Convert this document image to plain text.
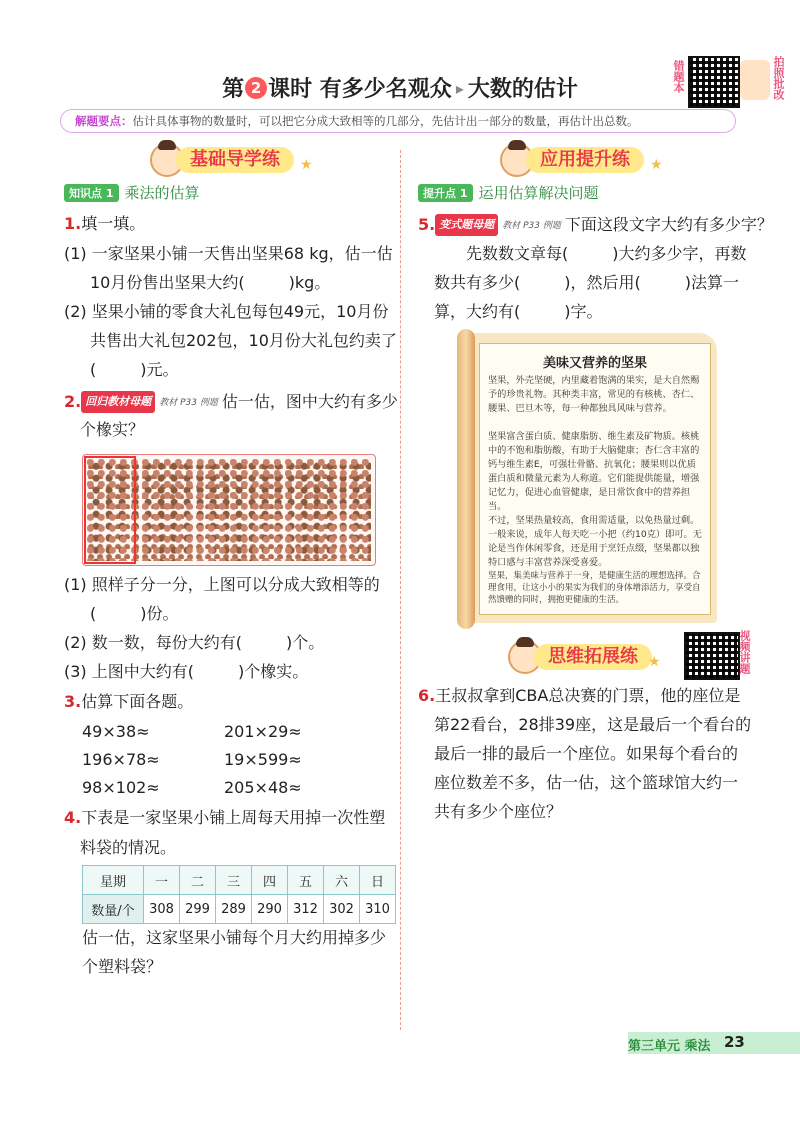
第 2 课时 有多少名观众 ▸ 大数的估计	错题本	拍照批改
解题要点：估计具体事物的数量时，可以把它分成大致相等的几部分，先估计出一部分的数量，再估计出总数。
基础导学练	★
知识点 1 乘法的估算
1.填一填。
(1) 一家坚果小铺一天售出坚果68 kg，估一估
10月份售出坚果大约(	)kg。
(2) 坚果小铺的零食大礼包每包49元，10月份
共售出大礼包202包，10月份大礼包约卖了
(	)元。
2. 回归教材母题 教材 P33 例题 估一估，图中大约有多少
个橡实？
(1) 照样子分一分，上图可以分成大致相等的
(	)份。
(2) 数一数，每份大约有(	)个。
(3) 上图中大约有(	)个橡实。
3.估算下面各题。
49×38≈	201×29≈
196×78≈	19×599≈
98×102≈	205×48≈
4.下表是一家坚果小铺上周每天用掉一次性塑
料袋的情况。
星期	一	二	三	四	五	六	日
数量/个	308	299	289	290	312	302	310
估一估，这家坚果小铺每个月大约用掉多少
个塑料袋？
应用提升练	★
提升点 1 运用估算解决问题
5. 变式题母题 教材 P33 例题 下面这段文字大约有多少字？
先数数文章每(	)大约多少字，再数
数共有多少(	)，然后用(	)法算一
算，大约有(	)字。
美味又营养的坚果
坚果，外壳坚硬，内里藏着饱满的果实，是大自然赐予的珍贵礼物。其种类丰富，常见的有核桃、杏仁、腰果、巴旦木等，每一种都独具风味与营养。
坚果富含蛋白质、健康脂肪、维生素及矿物质。核桃中的不饱和脂肪酸，有助于大脑健康；杏仁含丰富的钙与维生素E，可强壮骨骼、抗氧化；腰果则以优质蛋白质和微量元素为人称道。它们能提供能量，增强记忆力，促进心血管健康，是日常饮食中的营养担当。
不过，坚果热量较高，食用需适量，以免热量过剩。一般来说，成年人每天吃一小把（约10克）即可。无论是当作休闲零食，还是用于烹饪点缀，坚果都以独特口感与丰富营养深受喜爱。
坚果，集美味与营养于一身，是健康生活的理想选择。合理食用，让这小小的果实为我们的身体增添活力，享受自然馈赠的同时，拥抱更健康的生活。
思维拓展练 ★	视频讲题
6.王叔叔拿到CBA总决赛的门票，他的座位是
第22看台，28排39座，这是最后一个看台的
最后一排的最后一个座位。如果每个看台的
座位数差不多，估一估，这个篮球馆大约一
共有多少个座位？
第三单元 乘法 23
